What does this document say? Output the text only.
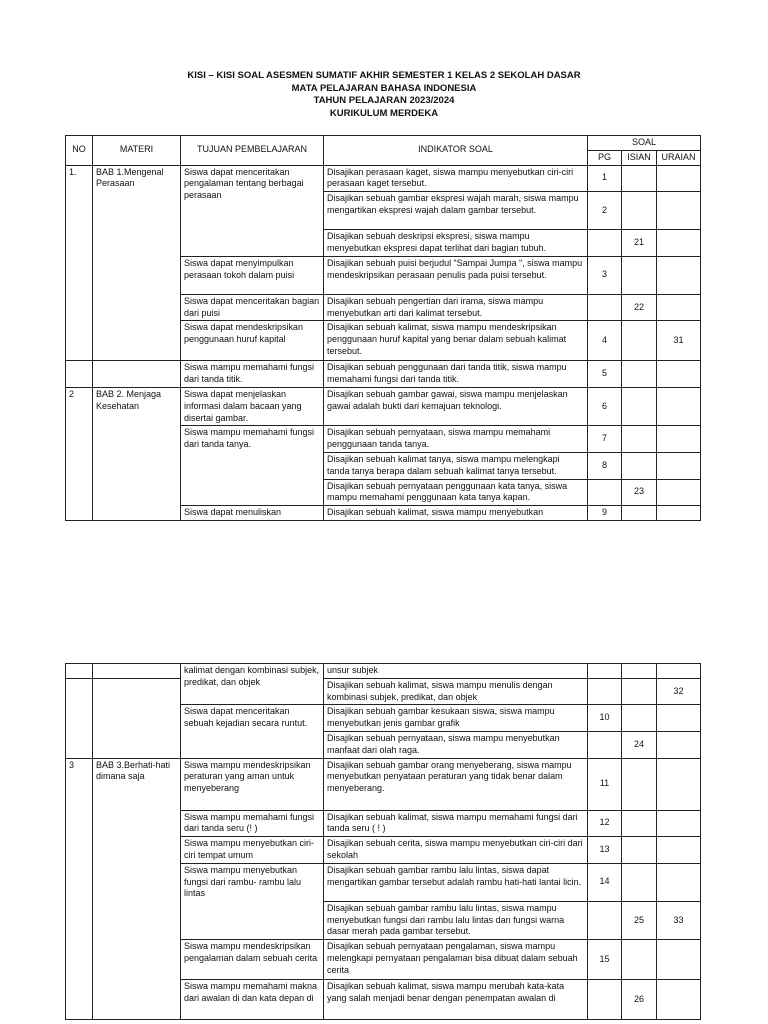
KISI – KISI SOAL ASESMEN SUMATIF AKHIR SEMESTER 1 KELAS 2 SEKOLAH DASAR
MATA PELAJARAN BAHASA INDONESIA
TAHUN PELAJARAN 2023/2024
KURIKULUM MERDEKA
NO	MATERI	TUJUAN PEMBELAJARAN	INDIKATOR SOAL	SOAL		
				PG	ISIAN	URAIAN
1.	BAB 1.Mengenal Perasaan	Siswa dapat menceritakan pengalaman tentang berbagai perasaan	Disajikan perasaan kaget, siswa mampu menyebutkan ciri-ciri perasaan kaget tersebut.	1		
			Disajikan sebuah gambar ekspresi wajah marah, siswa mampu mengartikan ekspresi wajah dalam gambar tersebut.	2		
			Disajikan sebuah deskripsi ekspresi, siswa mampu menyebutkan ekspresi dapat terlihat dari bagian tubuh.		21	
		Siswa dapat menyimpulkan perasaan tokoh dalam puisi	Disajikan sebuah puisi berjudul “Sampai Jumpa “, siswa mampu mendeskripsikan perasaan penulis pada puisi tersebut.	3		
		Siswa dapat menceritakan bagian dari puisi	Disajikan sebuah pengertian dari irama, siswa mampu menyebutkan arti dari kalimat tersebut.		22	
		Siswa dapat mendeskripsikan penggunaan huruf kapital	Disajikan sebuah kalimat, siswa mampu mendeskripsikan penggunaan huruf kapital yang benar dalam sebuah kalimat tersebut.	4		31
		Siswa mampu memahami fungsi dari tanda titik.	Disajikan sebuah penggunaan dari tanda titik, siswa mampu memahami fungsi dari tanda titik.	5		
2	BAB 2. Menjaga Kesehatan	Siswa dapat menjelaskan informasi dalam bacaan yang disertai gambar.	Disajikan sebuah gambar gawai, siswa mampu menjelaskan gawai adalah bukti dari kemajuan teknologi.	6		
		Siswa mampu memahami fungsi dari tanda tanya.	Disajikan sebuah pernyataan, siswa mampu memahami penggunaan tanda tanya.	7		
			Disajikan sebuah kalimat tanya, siswa mampu melengkapi tanda tanya berapa dalam sebuah kalimat tanya tersebut.	8		
			Disajikan sebuah pernyataan penggunaan kata tanya, siswa mampu memahami penggunaan kata tanya kapan.		23	
		Siswa dapat menuliskan	Disajikan sebuah kalimat, siswa mampu menyebutkan	9		
		kalimat dengan kombinasi subjek, predikat, dan objek	unsur subjek			
			Disajikan sebuah kalimat, siswa mampu menulis dengan kombinasi subjek, predikat, dan objek			32
		Siswa dapat menceritakan sebuah kejadian secara runtut.	Disajikan sebuah gambar kesukaan siswa, siswa mampu menyebutkan jenis gambar grafik	10		
			Disajikan sebuah pernyataan, siswa mampu menyebutkan manfaat dari olah raga.		24	
3	BAB 3.Berhati-hati dimana saja	Siswa mampu mendeskripsikan peraturan yang aman untuk menyeberang	Disajikan sebuah gambar orang menyeberang, siswa mampu menyebutkan penyataan peraturan yang tidak benar dalam menyeberang.	11		
		Siswa mampu memahami fungsi dari tanda seru (! )	Disajikan sebuah kalimat, siswa mampu memahami fungsi dari tanda seru ( ! )	12		
		Siswa mampu menyebutkan ciri-ciri tempat umum	Disajikan sebuah cerita, siswa mampu menyebutkan ciri-ciri dari sekolah	13		
		Siswa mampu menyebutkan fungsi dari rambu- rambu lalu lintas	Disajikan sebuah gambar rambu lalu lintas, siswa dapat mengartikan gambar tersebut adalah rambu hati-hati lantai licin.	14		
			Disajikan sebuah gambar rambu lalu lintas, siswa mampu menyebutkan fungsi dari rambu lalu lintas dan fungsi warna dasar merah pada gambar tersebut.		25	33
		Siswa mampu mendeskripsikan pengalaman dalam sebuah cerita	Disajikan sebuah pernyataan pengalaman, siswa mampu melengkapi pernyataan pengalaman bisa dibuat dalam sebuah cerita	15		
		Siswa mampu memahami makna dari awalan di dan kata depan di	Disajikan sebuah kalimat, siswa mampu merubah kata-kata yang salah menjadi benar dengan penempatan awalan di		26	
